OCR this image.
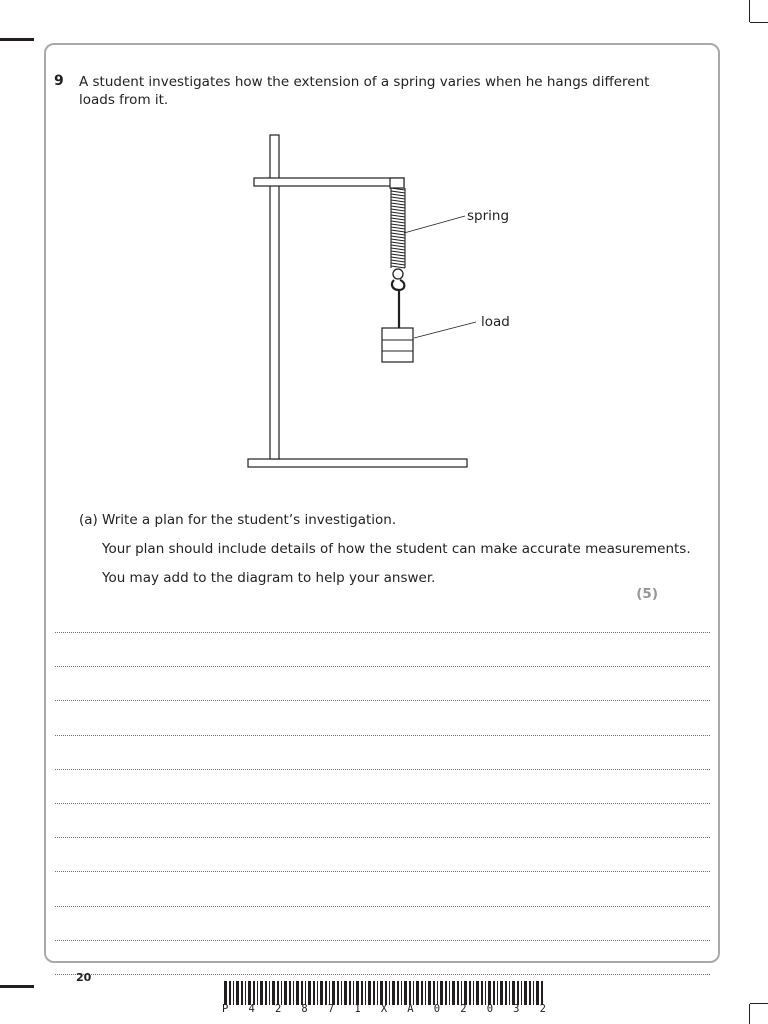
9 A student investigates how the extension of a spring varies when he hangs different loads from it.
spring
load
(a) Write a plan for the student’s investigation.
Your plan should include details of how the student can make accurate measurements.
You may add to the diagram to help your answer.
(5)
20
P 4 2 8 7 1 X A 0 2 0 3 2
